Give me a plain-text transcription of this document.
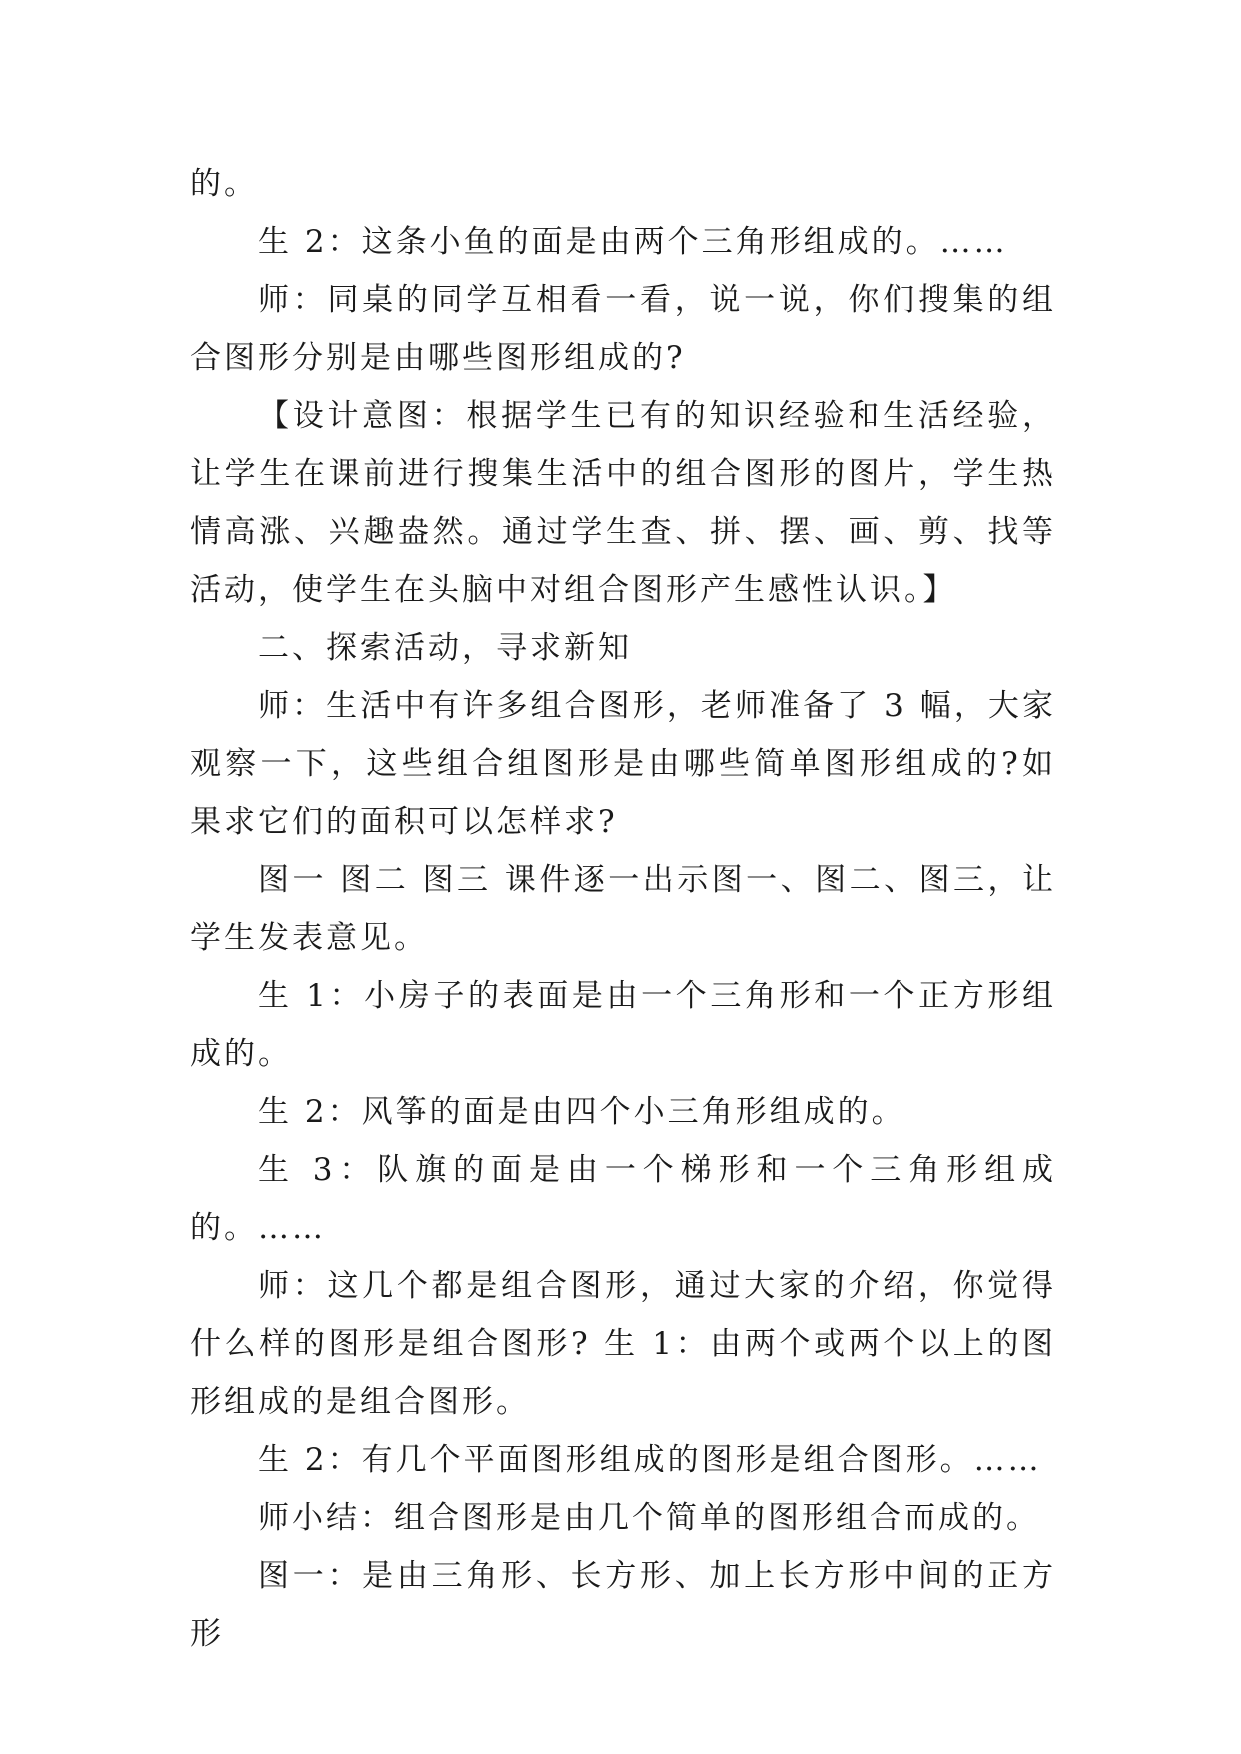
的。

生 2：这条小鱼的面是由两个三角形组成的。……

师：同桌的同学互相看一看，说一说，你们搜集的组合图形分别是由哪些图形组成的?

【设计意图：根据学生已有的知识经验和生活经验，让学生在课前进行搜集生活中的组合图形的图片，学生热情高涨、兴趣盎然。通过学生查、拼、摆、画、剪、找等活动，使学生在头脑中对组合图形产生感性认识。】

二、探索活动，寻求新知

师：生活中有许多组合图形，老师准备了 3 幅，大家观察一下，这些组合组图形是由哪些简单图形组成的?如果求它们的面积可以怎样求?

图一 图二 图三 课件逐一出示图一、图二、图三，让学生发表意见。

生 1：小房子的表面是由一个三角形和一个正方形组成的。

生 2：风筝的面是由四个小三角形组成的。

生 3：队旗的面是由一个梯形和一个三角形组成的。……

师：这几个都是组合图形，通过大家的介绍，你觉得什么样的图形是组合图形? 生 1：由两个或两个以上的图形组成的是组合图形。

生 2：有几个平面图形组成的图形是组合图形。……

师小结：组合图形是由几个简单的图形组合而成的。

图一：是由三角形、长方形、加上长方形中间的正方形
